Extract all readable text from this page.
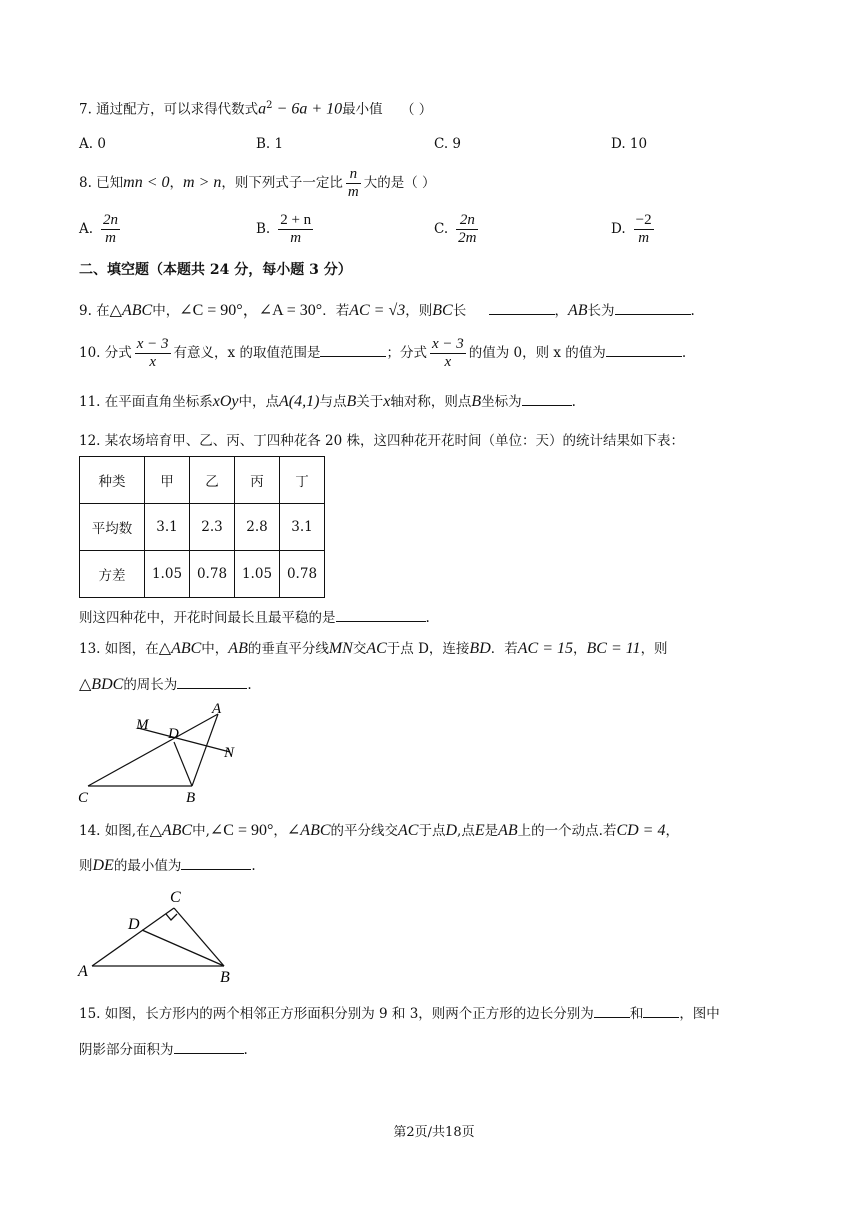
7. 通过配方，可以求得代数式$a^2 - 6a + 10$最小值 （ ）
A. 0	B. 1	C. 9	D. 10
8. 已知mn < 0，m > n，则下列式子一定比 $\frac{n}{m}$ 大的是（ ）
A. $\frac{2n}{m}$	B. $\frac{2 + n}{m}$	C. $\frac{2n}{2m}$	D. $\frac{-2}{m}$
二、填空题（本题共 24 分，每小题 3 分）
9. 在△ABC中，∠C = 90°，∠A = 30°．若AC = √3，则BC长	，AB长为	.
10. 分式 $\frac{x - 3}{x}$ 有意义，x 的取值范围是	；分式 $\frac{x - 3}{x}$ 的值为 0，则 x 的值为	.
11. 在平面直角坐标系xOy中，点A(4,1)与点B关于x轴对称，则点B坐标为	.
12. 某农场培育甲、乙、丙、丁四种花各 20 株，这四种花开花时间（单位：天）的统计结果如下表：
种类	甲	乙	丙	丁
平均数	3.1	2.3	2.8	3.1
方差	1.05	0.78	1.05	0.78
则这四种花中，开花时间最长且最平稳的是	.
13. 如图，在△ABC中，AB的垂直平分线MN交AC于点 D，连接BD．若AC = 15，BC = 11，则
△BDC的周长为	.
M
D
A
N
C	B
14. 如图,在△ABC中,∠C = 90°，∠ABC的平分线交AC于点D,点E是AB上的一个动点.若CD = 4，
则DE的最小值为	.
C
D
A	B
15. 如图，长方形内的两个相邻正方形面积分别为 9 和 3，则两个正方形的边长分别为	和	，图中
阴影部分面积为	.
第2页/共18页
